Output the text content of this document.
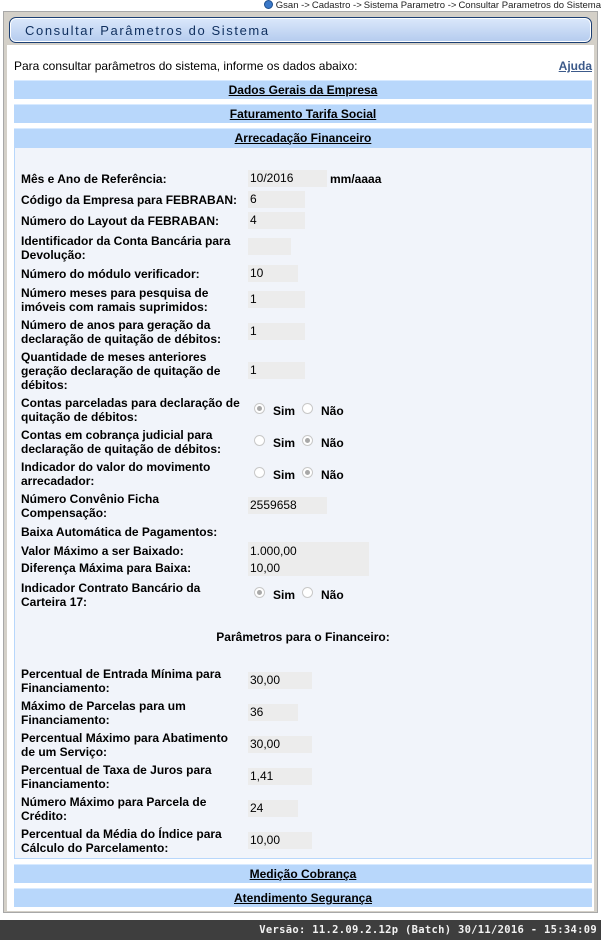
Gsan -> Cadastro -> Sistema Parametro -> Consultar Parametros do Sistema
Consultar Parâmetros do Sistema
Para consultar parâmetros do sistema, informe os dados abaixo:	Ajuda
Dados Gerais da Empresa
Faturamento Tarifa Social
Arrecadação Financeiro
Mês e Ano de Referência:	10/2016	mm/aaaa
Código da Empresa para FEBRABAN: 6
Número do Layout da FEBRABAN:	4
Identificador da Conta Bancária para
Devolução:
Número do módulo verificador:	10
Número meses para pesquisa de
imóveis com ramais suprimidos:
1
Número de anos para geração da
declaração de quitação de débitos:
1
Quantidade de meses anteriores
geração declaração de quitação de
débitos:
1
Contas parceladas para declaração de
quitação de débitos:	Sim Não
Contas em cobrança judicial para
declaração de quitação de débitos:	Sim Não
Indicador do valor do movimento
arrecadador:	Sim Não
Número Convênio Ficha
Compensação:
2559658
Baixa Automática de Pagamentos:
Valor Máximo a ser Baixado:	1.000,00
Diferença Máxima para Baixa:	10,00
Indicador Contrato Bancário da
Carteira 17:	Sim Não
Parâmetros para o Financeiro:
Percentual de Entrada Mínima para
Financiamento:
30,00
Máximo de Parcelas para um
Financiamento:
36
Percentual Máximo para Abatimento
de um Serviço:
30,00
Percentual de Taxa de Juros para
Financiamento:
1,41
Número Máximo para Parcela de
Crédito:
24
Percentual da Média do Índice para
Cálculo do Parcelamento:
10,00
Medição Cobrança
Atendimento Segurança
Versão: 11.2.09.2.12p (Batch) 30/11/2016 - 15:34:09
